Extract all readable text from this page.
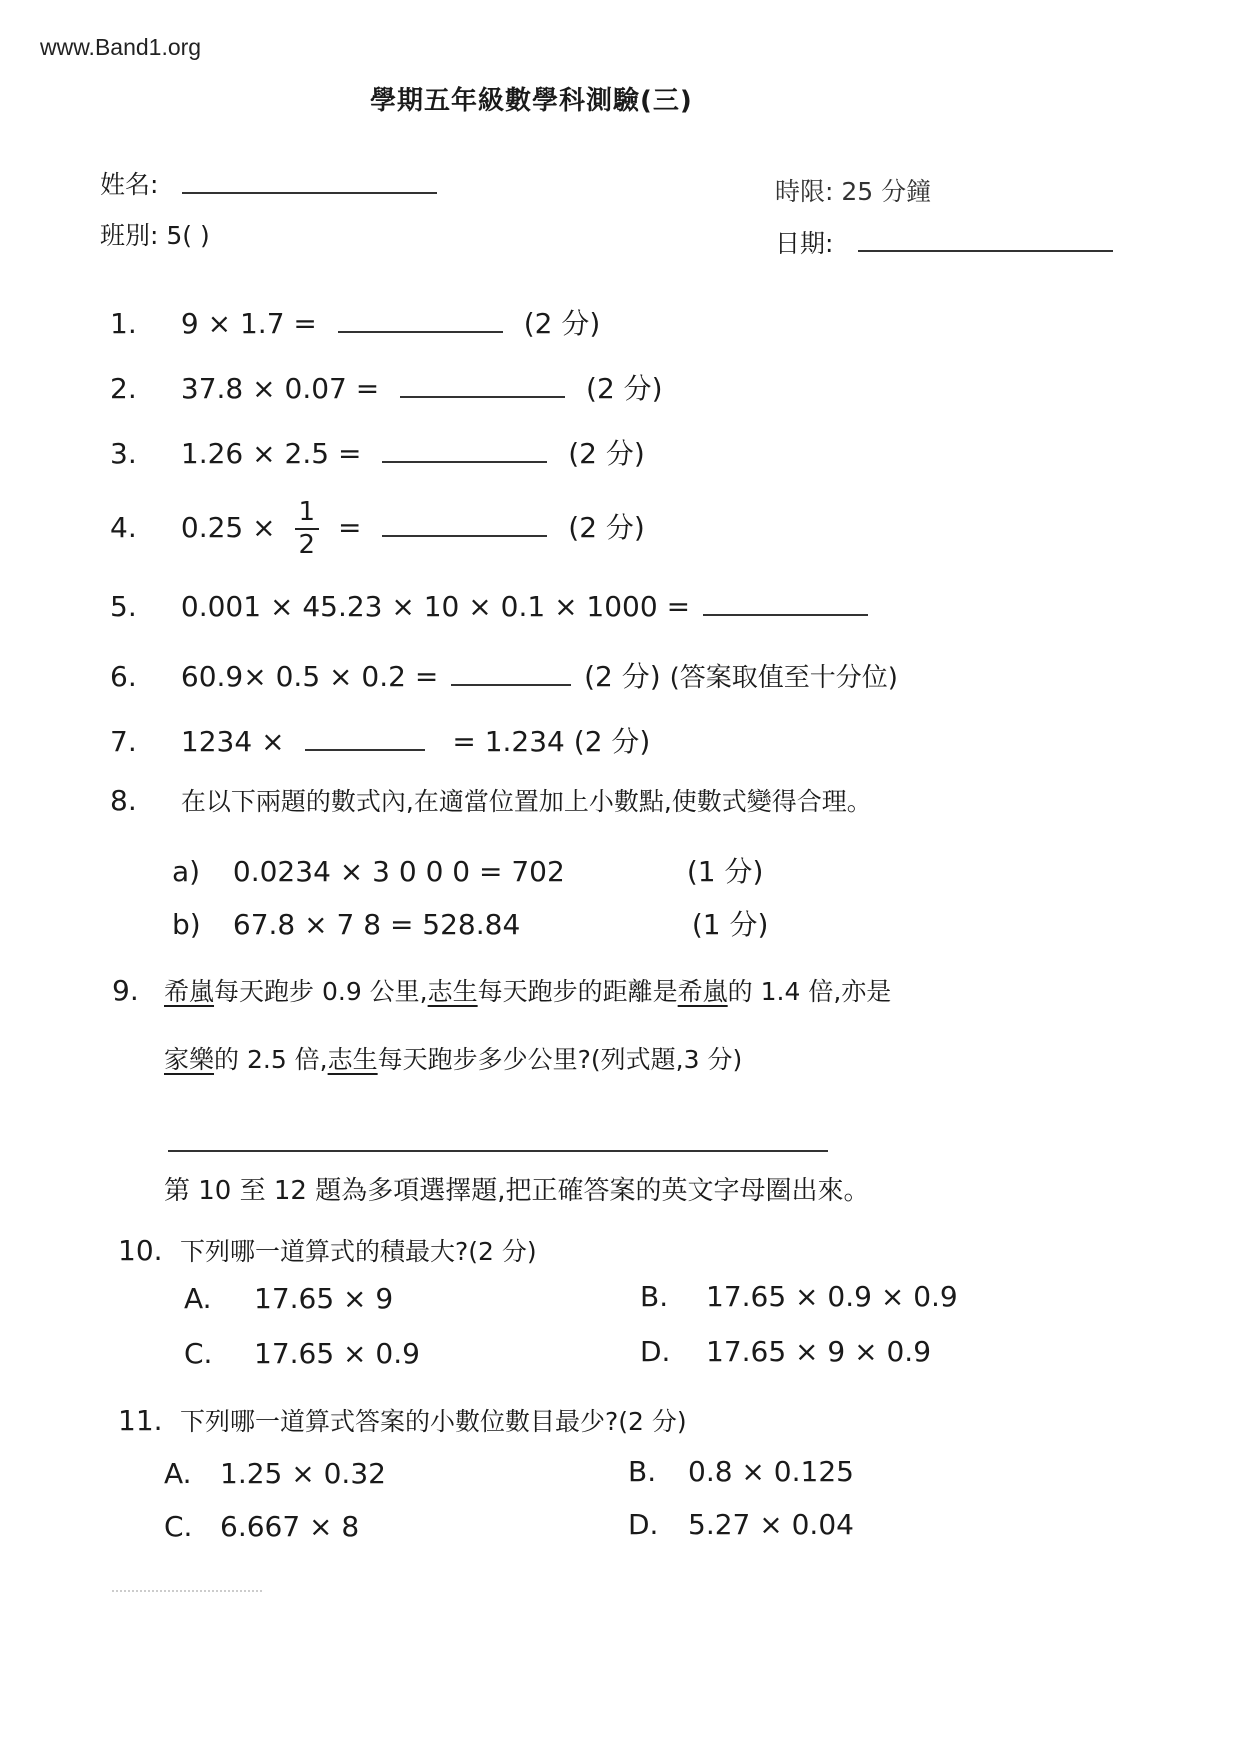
www.Band1.org
學期五年級數學科測驗(三)
姓名:
班別: 5( )
時限: 25 分鐘
日期:
1. 9 × 1.7 =	(2 分)
2. 37.8 × 0.07 =	(2 分)
3. 1.26 × 2.5 =	(2 分)
4. $0.25 \times \frac{1}{2}$ =	(2 分)
5. 0.001 × 45.23 × 10 × 0.1 × 1000 =
6. 60.9× 0.5 × 0.2 =	(2 分) (答案取值至十分位)
7. 1234 ×	= 1.234 (2 分)
8. 在以下兩題的數式內,在適當位置加上小數點,使數式變得合理。
a) 0.0234 × 3 0 0 0 = 702	(1 分)
b) 67.8 × 7 8 = 528.84	(1 分)
9. 希嵐每天跑步 0.9 公里,志生每天跑步的距離是希嵐的 1.4 倍,亦是
家樂的 2.5 倍,志生每天跑步多少公里?(列式題,3 分)
第 10 至 12 題為多項選擇題,把正確答案的英文字母圈出來。
10. 下列哪一道算式的積最大?(2 分)
A. 17.65 × 9	B. 17.65 × 0.9 × 0.9
C. 17.65 × 0.9	D. 17.65 × 9 × 0.9
11. 下列哪一道算式答案的小數位數目最少?(2 分)
A. 1.25 × 0.32	B. 0.8 × 0.125
C. 6.667 × 8	D. 5.27 × 0.04
